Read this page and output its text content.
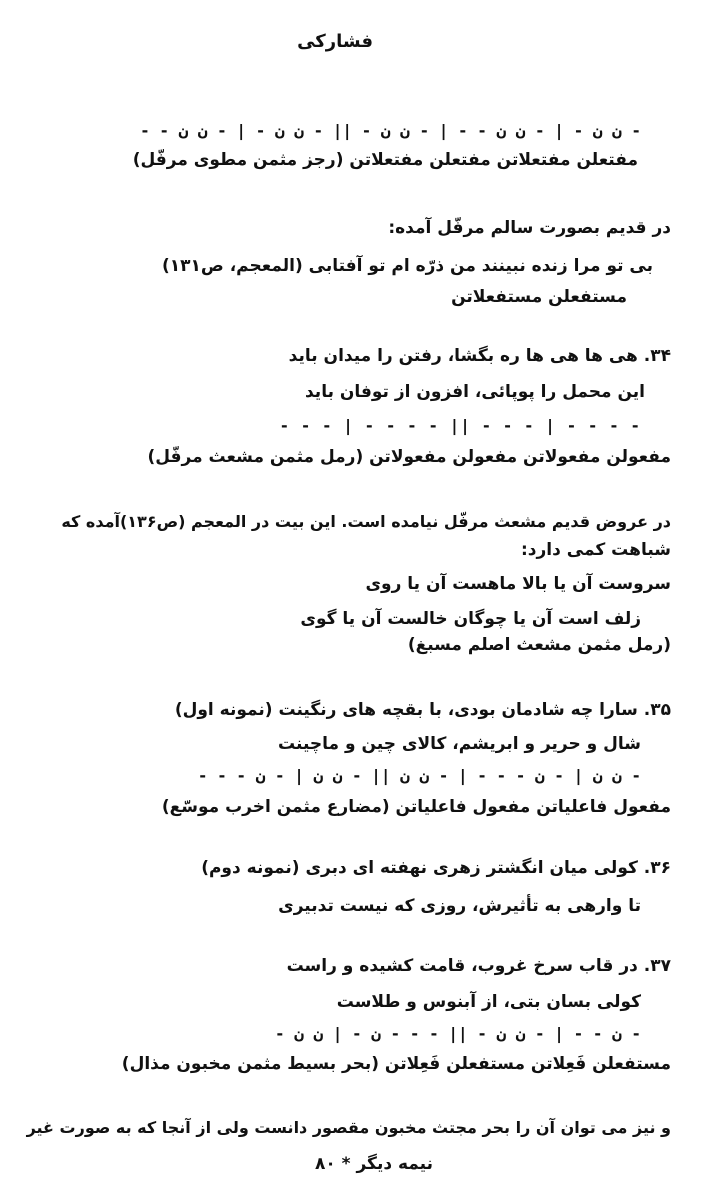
فشارکی
- ن ن - | - ن ن - - | - ن ن - || - ن ن - | - ن ن - -
مفتعلن مفتعلاتن مفتعلن مفتعلاتن (رجز مثمن مطوی مرفّل)
در قدیم بصورت سالم مرفّل آمده:
بی تو مرا زنده نبینند من ذرّه ام تو آفتابی (المعجم، ص۱۳۱)
مستفعلن مستفعلاتن
۳۴. هی ها هی ها ره بگشا، رفتن را میدان باید
این محمل را پوپائی، افزون از توفان باید
- - - | - - - - || - - - | - - - -
مفعولن مفعولاتن مفعولن مفعولاتن (رمل مثمن مشعث مرفّل)
در عروض قدیم مشعث مرفّل نیامده است. این بیت در المعجم (ص۱۳۶)آمده که
شباهت کمی دارد:
سروست آن یا بالا ماهست آن یا روی
زلف است آن یا چوگان خالست آن یا گوی
(رمل مثمن مشعث اصلم مسبغ)
۳۵. سارا چه شادمان بودی، با بقچه های رنگینت (نمونه اول)
شال و حریر و ابریشم، کالای چین و ماچینت
- ن ن | - ن - - - | - ن ن || - ن ن | - ن - - -
مفعول فاعلیاتن مفعول فاعلیاتن (مضارع مثمن اخرب موسّع)
۳۶. کولی میان انگشتر زهری نهفته ای دبری (نمونه دوم)
تا وارهی به تأثیرش، روزی که نیست تدبیری
۳۷. در قاب سرخ غروب، قامت کشیده و راست
کولی بسان بتی، از آبنوس و طلاست
- ن - - | - ن ن - || - - - ن - | ن ن -
مستفعلن فَعِلاتن مستفعلن فَعِلاتن (بحر بسیط مثمن مخبون مذال)
و نیز می توان آن را بحر مجتث مخبون مقصور دانست ولی از آنجا که به صورت غیر
نیمه دیگر * ۸۰
